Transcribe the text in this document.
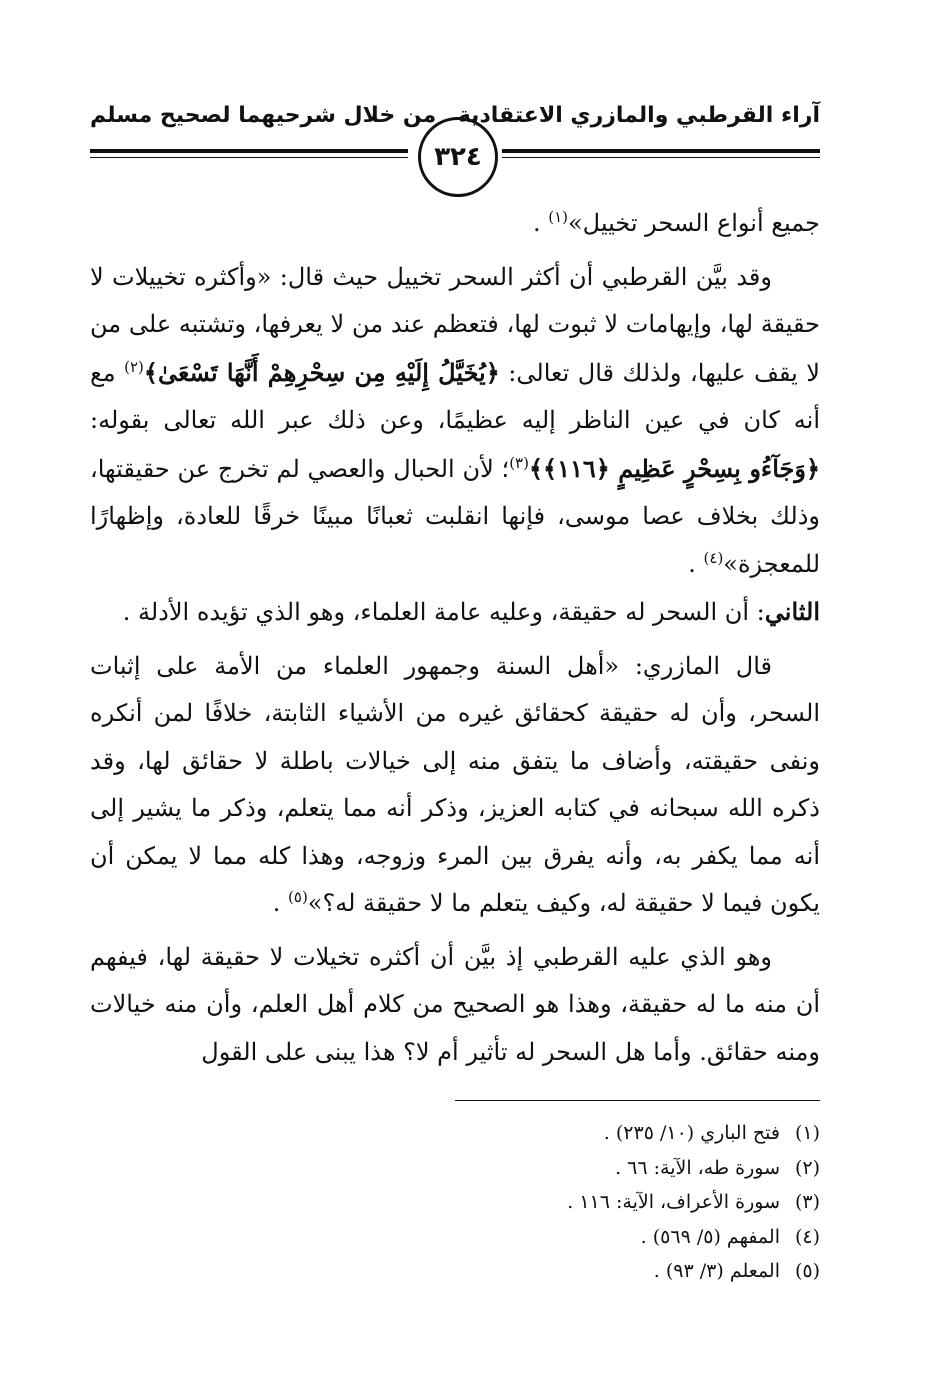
آراء القرطبي والمازري الاعتقادية
من خلال شرحيهما لصحيح مسلم
٣٢٤

جميع أنواع السحر تخييل»$^{(١)}$ .

وقد بيَّن القرطبي أن أكثر السحر تخييل حيث قال: «وأكثره تخييلات لا حقيقة لها، وإيهامات لا ثبوت لها، فتعظم عند من لا يعرفها، وتشتبه على من لا يقف عليها، ولذلك قال تعالى: ﴿يُخَيَّلُ إِلَيْهِ مِن سِحْرِهِمْ أَنَّهَا تَسْعَىٰ﴾$^{(٢)}$ مع أنه كان في عين الناظر إليه عظيمًا، وعن ذلك عبر الله تعالى بقوله: ﴿وَجَآءُو بِسِحْرٍ عَظِيمٍ ﴿١١٦﴾﴾$^{(٣)}$؛ لأن الحبال والعصي لم تخرج عن حقيقتها، وذلك بخلاف عصا موسى، فإنها انقلبت ثعبانًا مبينًا خرقًا للعادة، وإظهارًا للمعجزة»$^{(٤)}$ .

الثاني: أن السحر له حقيقة، وعليه عامة العلماء، وهو الذي تؤيده الأدلة .

قال المازري: «أهل السنة وجمهور العلماء من الأمة على إثبات السحر، وأن له حقيقة كحقائق غيره من الأشياء الثابتة، خلافًا لمن أنكره ونفى حقيقته، وأضاف ما يتفق منه إلى خيالات باطلة لا حقائق لها، وقد ذكره الله سبحانه في كتابه العزيز، وذكر أنه مما يتعلم، وذكر ما يشير إلى أنه مما يكفر به، وأنه يفرق بين المرء وزوجه، وهذا كله مما لا يمكن أن يكون فيما لا حقيقة له، وكيف يتعلم ما لا حقيقة له؟»$^{(٥)}$ .

وهو الذي عليه القرطبي إذ بيَّن أن أكثره تخيلات لا حقيقة لها، فيفهم أن منه ما له حقيقة، وهذا هو الصحيح من كلام أهل العلم، وأن منه خيالات ومنه حقائق. وأما هل السحر له تأثير أم لا؟ هذا يبنى على القول

(١)فتح الباري (١٠/ ٢٣٥) .
(٢)سورة طه، الآية: ٦٦ .
(٣)سورة الأعراف، الآية: ١١٦ .
(٤)المفهم (٥/ ٥٦٩) .
(٥)المعلم (٣/ ٩٣) .
